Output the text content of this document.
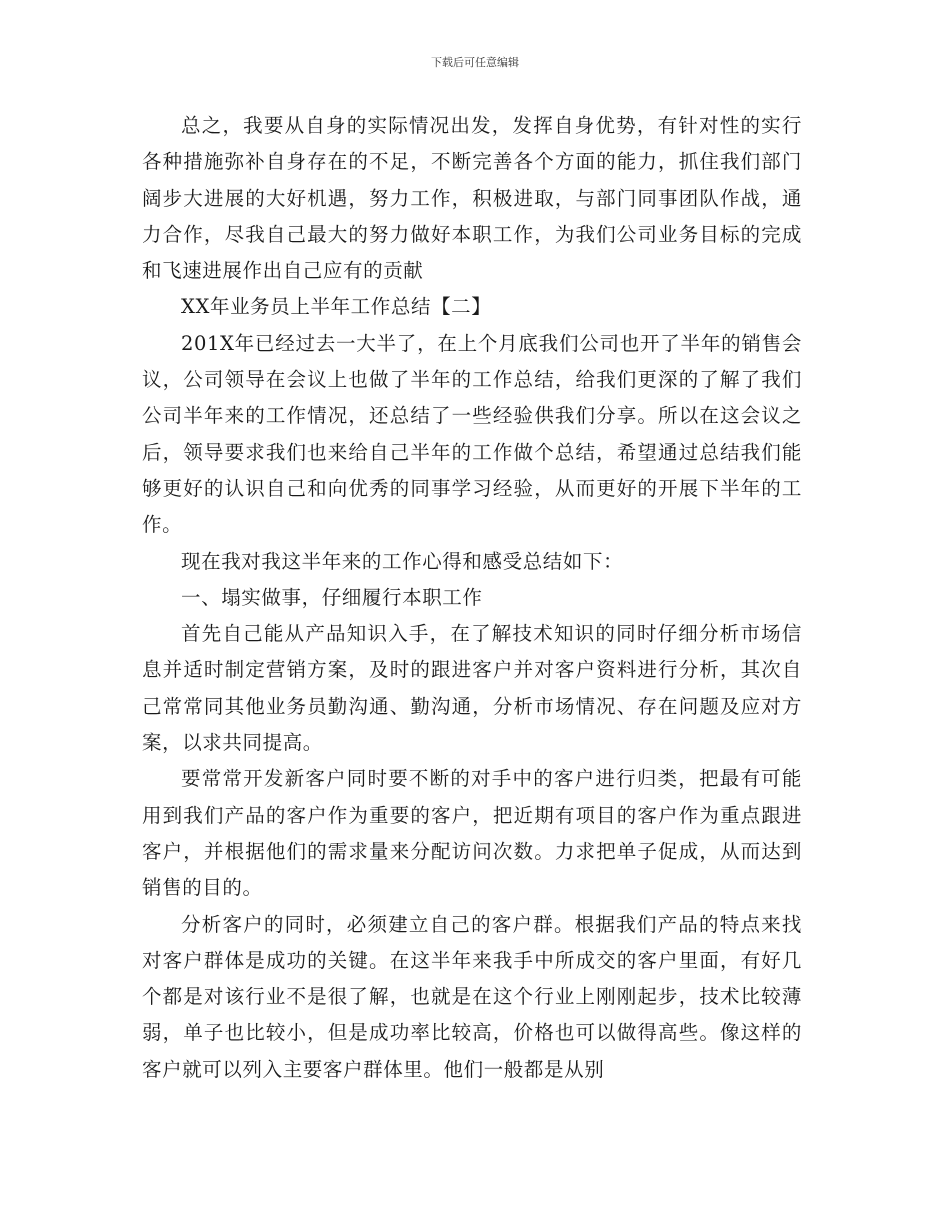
下载后可任意编辑

总之，我要从自身的实际情况出发，发挥自身优势，有针对性的实行各种措施弥补自身存在的不足，不断完善各个方面的能力，抓住我们部门阔步大进展的大好机遇，努力工作，积极进取，与部门同事团队作战，通力合作，尽我自己最大的努力做好本职工作，为我们公司业务目标的完成和飞速进展作出自己应有的贡献

XX年业务员上半年工作总结【二】

201X年已经过去一大半了，在上个月底我们公司也开了半年的销售会议，公司领导在会议上也做了半年的工作总结，给我们更深的了解了我们公司半年来的工作情况，还总结了一些经验供我们分享。所以在这会议之后，领导要求我们也来给自己半年的工作做个总结，希望通过总结我们能够更好的认识自己和向优秀的同事学习经验，从而更好的开展下半年的工作。

现在我对我这半年来的工作心得和感受总结如下：

一、塌实做事，仔细履行本职工作

首先自己能从产品知识入手，在了解技术知识的同时仔细分析市场信息并适时制定营销方案，及时的跟进客户并对客户资料进行分析，其次自己常常同其他业务员勤沟通、勤沟通，分析市场情况、存在问题及应对方案，以求共同提高。

要常常开发新客户同时要不断的对手中的客户进行归类，把最有可能用到我们产品的客户作为重要的客户，把近期有项目的客户作为重点跟进客户，并根据他们的需求量来分配访问次数。力求把单子促成，从而达到销售的目的。

分析客户的同时，必须建立自己的客户群。根据我们产品的特点来找对客户群体是成功的关键。在这半年来我手中所成交的客户里面，有好几个都是对该行业不是很了解，也就是在这个行业上刚刚起步，技术比较薄弱，单子也比较小，但是成功率比较高，价格也可以做得高些。像这样的客户就可以列入主要客户群体里。他们一般都是从别
